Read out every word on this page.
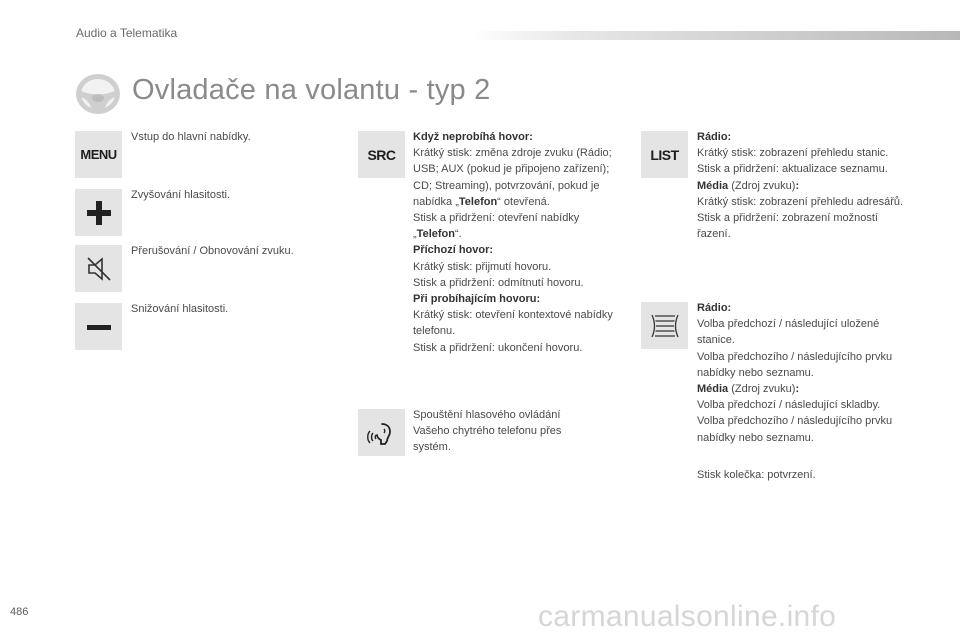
Audio a Telematika
Ovladače na volantu - typ 2
MENU
Vstup do hlavní nabídky.
Zvyšování hlasitosti.
Přerušování / Obnovování zvuku.
Snižování hlasitosti.
SRC

Když neprobíhá hovor:

Krátký stisk: změna zdroje zvuku (Rádio; USB; AUX (pokud je připojeno zařízení); CD; Streaming), potvrzování, pokud je nabídka „Telefon“ otevřená.

Stisk a přidržení: otevření nabídky „Telefon“.

Příchozí hovor:

Krátký stisk: přijmutí hovoru.

Stisk a přidržení: odmítnutí hovoru.

Při probíhajícím hovoru:

Krátký stisk: otevření kontextové nabídky telefonu.

Stisk a přidržení: ukončení hovoru.

Spouštění hlasového ovládání Vašeho chytrého telefonu přes systém.
LIST

Rádio:

Krátký stisk: zobrazení přehledu stanic.

Stisk a přidržení: aktualizace seznamu.

Média (Zdroj zvuku):

Krátký stisk: zobrazení přehledu adresářů.

Stisk a přidržení: zobrazení možností řazení.

Rádio:

Volba předchozí / následující uložené stanice.

Volba předchozího / následujícího prvku nabídky nebo seznamu.

Média (Zdroj zvuku):

Volba předchozí / následující skladby.

Volba předchozího / následujícího prvku nabídky nebo seznamu.

Stisk kolečka: potvrzení.
486	carmanualsonline.info
